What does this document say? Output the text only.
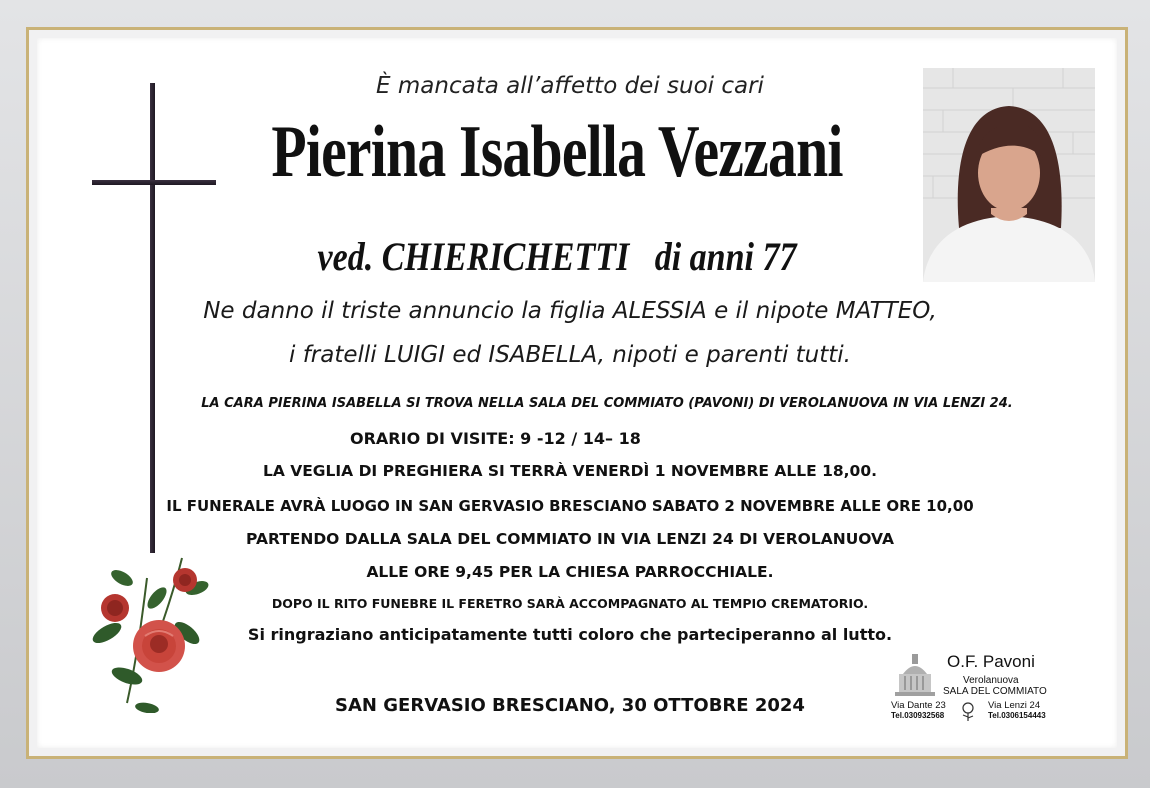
È mancata all’affetto dei suoi cari
Pierina Isabella Vezzani
ved. CHIERICHETTI   di anni 77
Ne danno il triste annuncio la figlia ALESSIA e il nipote MATTEO,
i fratelli LUIGI ed ISABELLA, nipoti e parenti tutti.
LA CARA PIERINA ISABELLA SI TROVA NELLA SALA DEL COMMIATO (PAVONI) DI VEROLANUOVA IN VIA LENZI 24.
ORARIO DI VISITE: 9 -12 / 14– 18
LA VEGLIA DI PREGHIERA SI TERRÀ VENERDÌ 1 NOVEMBRE ALLE 18,00.
IL FUNERALE AVRÀ LUOGO IN SAN GERVASIO BRESCIANO SABATO 2 NOVEMBRE ALLE ORE 10,00
PARTENDO DALLA SALA DEL COMMIATO IN VIA LENZI 24 DI VEROLANUOVA
ALLE ORE 9,45 PER LA CHIESA PARROCCHIALE.
DOPO IL RITO FUNEBRE IL FERETRO SARÀ ACCOMPAGNATO AL TEMPIO CREMATORIO.
Si ringraziano anticipatamente tutti coloro che parteciperanno al lutto.
SAN GERVASIO BRESCIANO, 30 OTTOBRE 2024
O.F. Pavoni
Verolanuova
SALA DEL COMMIATO
Via Dante 23
Tel.030932568
Via Lenzi 24
Tel.0306154443
